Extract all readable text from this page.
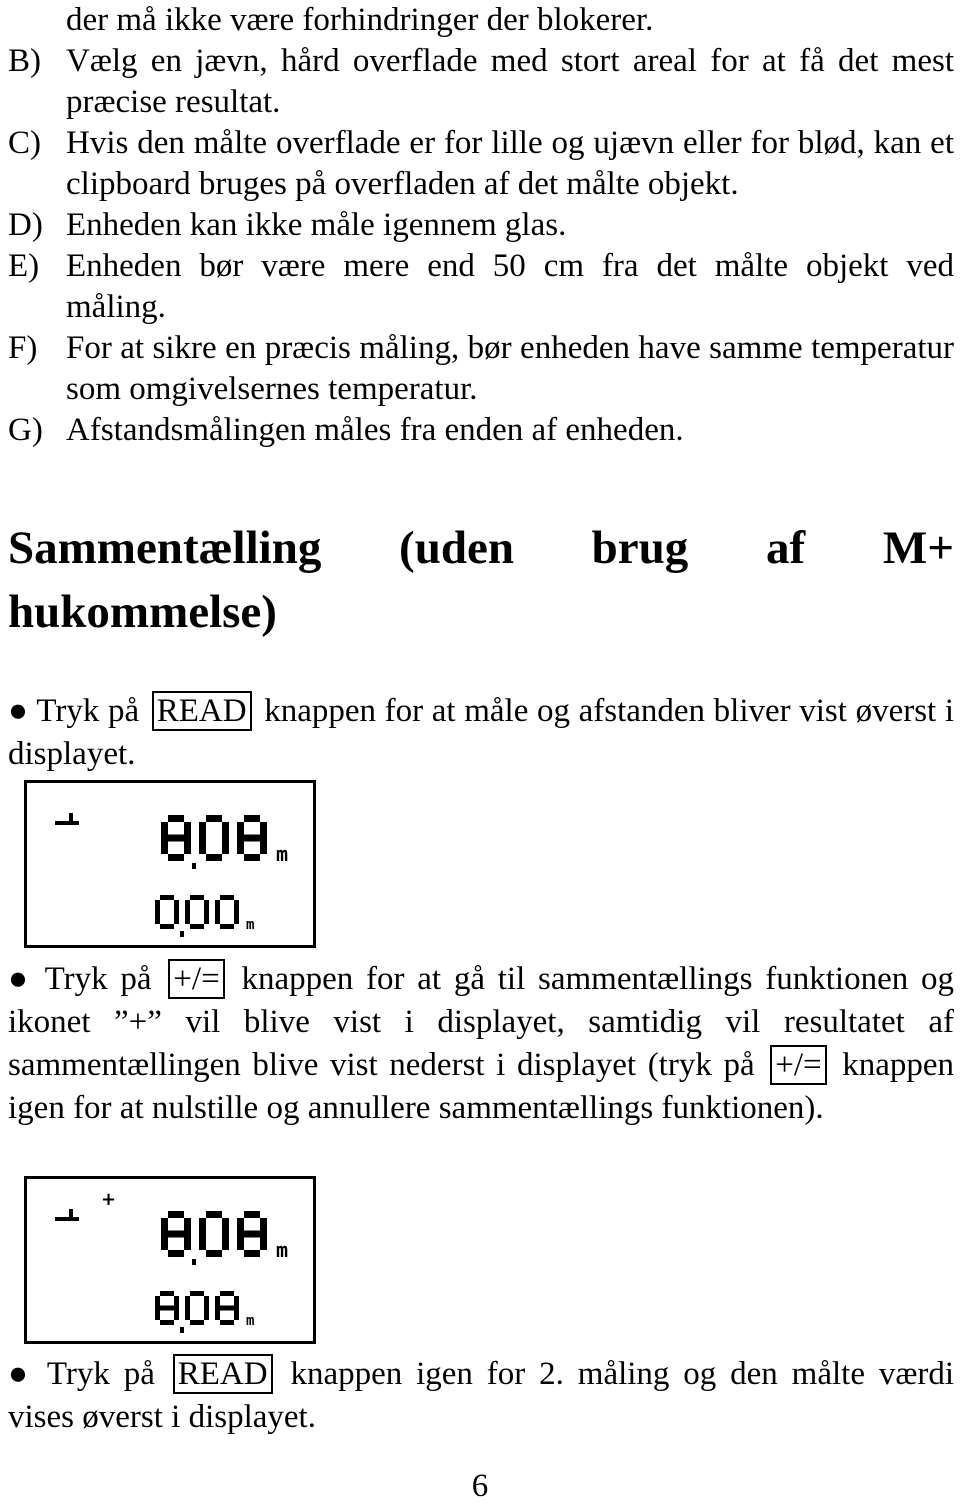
der må ikke være forhindringer der blokerer.
B) Vælg en jævn, hård overflade med stort areal for at få det mest præcise resultat.
C) Hvis den målte overflade er for lille og ujævn eller for blød, kan et clipboard bruges på overfladen af det målte objekt.
D) Enheden kan ikke måle igennem glas.
E) Enheden bør være mere end 50 cm fra det målte objekt ved måling.
F) For at sikre en præcis måling, bør enheden have samme temperatur som omgivelsernes temperatur.
G) Afstandsmålingen måles fra enden af enheden.
Sammentælling (uden brug af M+
hukommelse)
● Tryk på READ knappen for at måle og afstanden bliver vist øverst i displayet.
m
m
● Tryk på +/= knappen for at gå til sammentællings funktionen og ikonet ”+” vil blive vist i displayet, samtidig vil resultatet af sammentællingen blive vist nederst i displayet (tryk på +/= knappen igen for at nulstille og annullere sammentællings funktionen).
+
m
m
● Tryk på READ knappen igen for 2. måling og den målte værdi vises øverst i displayet.
6
